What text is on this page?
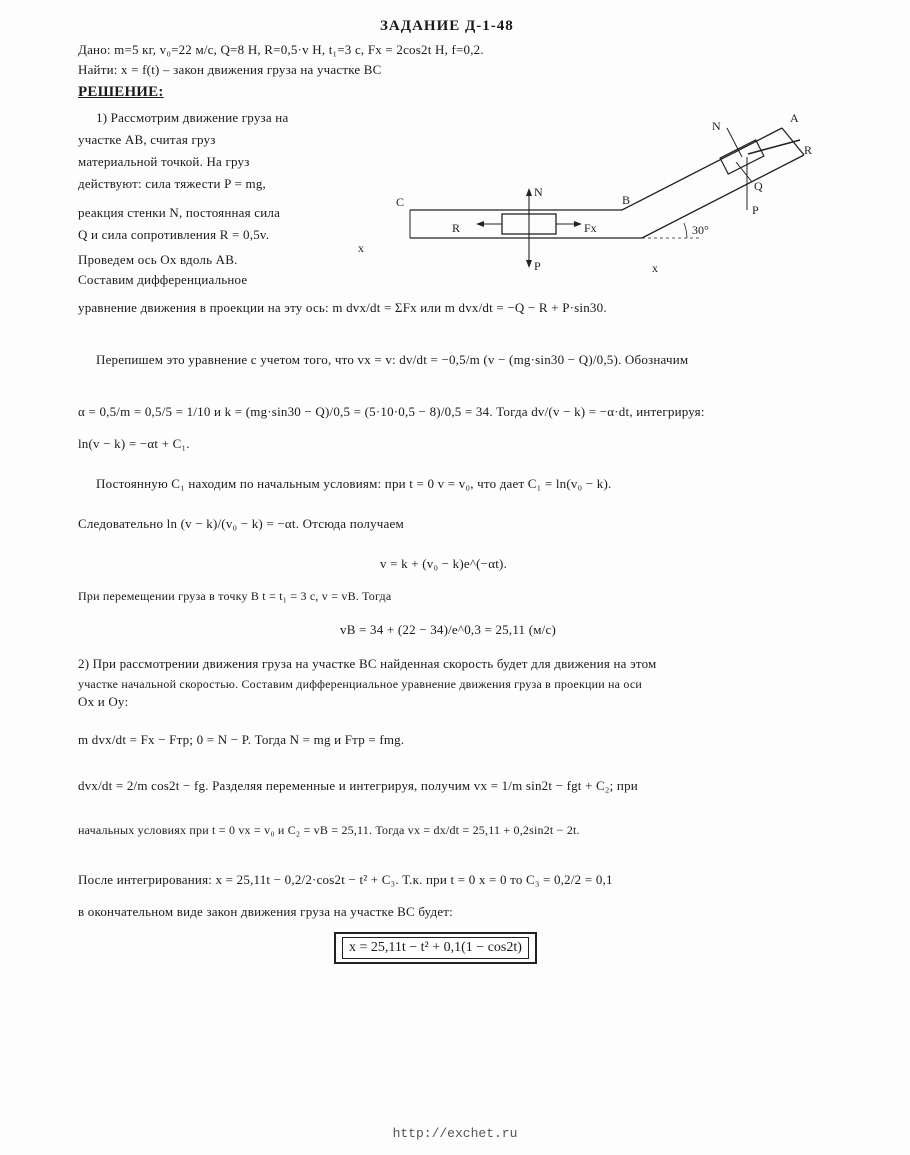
ЗАДАНИЕ Д-1-48
Дано: m=5 кг, v₀=22 м/с, Q=8 Н, R=0,5·v Н, t₁=3 с, Fx = 2cos2t Н, f=0,2.
Найти: x = f(t) – закон движения груза на участке BC
РЕШЕНИЕ:
1) Рассмотрим движение груза на
участке AB, считая груз
материальной точкой. На груз
действуют: сила тяжести P = mg,
реакция стенки N, постоянная сила
Q и сила сопротивления R = 0,5v.
Проведем ось Ox вдоль AB.
Составим дифференциальное
30°
N
P
R	Fx
C
x
B
x
A
N
P
R
Q
уравнение движения в проекции на эту ось: m dvx/dt = ΣFx или m dvx/dt = −Q − R + P·sin30.
Перепишем это уравнение с учетом того, что vx = v: dv/dt = −0,5/m (v − (mg·sin30 − Q)/0,5). Обозначим
α = 0,5/m = 0,5/5 = 1/10 и k = (mg·sin30 − Q)/0,5 = (5·10·0,5 − 8)/0,5 = 34. Тогда dv/(v − k) = −α·dt, интегрируя:
ln(v − k) = −αt + C₁.
Постоянную C₁ находим по начальным условиям: при t = 0 v = v₀, что дает C₁ = ln(v₀ − k).
Следовательно ln (v − k)/(v₀ − k) = −αt. Отсюда получаем
v = k + (v₀ − k)e^(−αt).
При перемещении груза в точку B t = t₁ = 3 с, v = vB. Тогда
vB = 34 + (22 − 34)/e^0,3 = 25,11 (м/с)
2) При рассмотрении движения груза на участке BC найденная скорость будет для движения на этом
участке начальной скоростью. Составим дифференциальное уравнение движения груза в проекции на оси
Ox и Oy:
m dvx/dt = Fx − Fтр; 0 = N − P. Тогда N = mg и Fтр = fmg.
dvx/dt = 2/m cos2t − fg. Разделяя переменные и интегрируя, получим vx = 1/m sin2t − fgt + C₂; при
начальных условиях при t = 0 vx = v₀ и C₂ = vB = 25,11. Тогда vx = dx/dt = 25,11 + 0,2sin2t − 2t.
После интегрирования: x = 25,11t − 0,2/2·cos2t − t² + C₃. Т.к. при t = 0 x = 0 то C₃ = 0,2/2 = 0,1
в окончательном виде закон движения груза на участке BC будет:
x = 25,11t − t² + 0,1(1 − cos2t)
http://exchet.ru
